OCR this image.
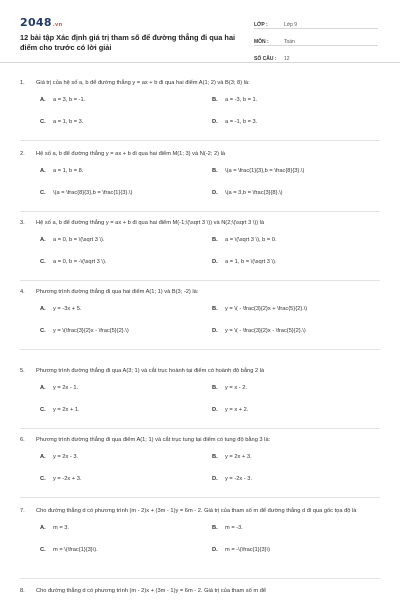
2048.vn
12 bài tập Xác định giá trị tham số để đường thẳng đi qua hai điểm cho trước có lời giải
LỚP :	Lớp 9
MÔN :	Toán
SỐ CÂU :	12
1. Giá trị của hệ số a, b để đường thẳng y = ax + b đi qua hai điểm A(1; 2) và B(3; 8) là:
A. a = 3, b = -1.	B. a = -3, b = 1.
C. a = 1, b = 3.	D. a = -1, b = 3.
2. Hệ số a, b để đường thẳng y = ax + b đi qua hai điểm M(1; 3) và N(-2; 2) là
A. a = 1, b = 8.	B. \(a = \frac{1}{3},b = \frac{8}{3}.\)
C. \(a = \frac{8}{3},b = \frac{1}{3}.\)	D. \(a = 3,b = \frac{3}{8}.\)
3. Hệ số a, b để đường thẳng y = ax + b đi qua hai điểm M(-1;\(\sqrt 3 \)) và N(2;\(\sqrt 3 \)) là
A. a = 0, b = \(\sqrt 3 \).	B. a = \(\sqrt 3 \), b = 0.
C. a = 0, b = -\(\sqrt 3 \).	D. a = 1, b = \(\sqrt 3 \).
4. Phương trình đường thẳng đi qua hai điểm A(1; 1) và B(3; -2) là:
A. y = -3x + 5.	B. y = \( - \frac{3}{2}x + \frac{5}{2}.\)
C. y = \(\frac{3}{2}x - \frac{5}{2}.\)	D. y = \( - \frac{3}{2}x - \frac{5}{2}.\)
5. Phương trình đường thẳng đi qua A(3; 1) và cắt trục hoành tại điểm có hoành độ bằng 2 là
A. y = 2x - 1.	B. y = x - 2.
C. y = 2x + 1.	D. y = x + 2.
6. Phương trình đường thẳng đi qua điểm A(1; 1) và cắt trục tung tại điểm có tung độ bằng 3 là:
A. y = 2x - 3.	B. y = 2x + 3.
C. y = -2x + 3.	D. y = -2x - 3.
7. Cho đường thẳng d có phương trình (m - 2)x + (3m - 1)y = 6m - 2. Giá trị của tham số m để đường thẳng d đi qua gốc tọa độ là
A. m = 3.	B. m = -3.
C. m = \(\frac{1}{3}\).	D. m = -\(\frac{1}{3}\)
8. Cho đường thẳng d có phương trình (m - 2)x + (3m - 1)y = 6m - 2. Giá trị của tham số m để
